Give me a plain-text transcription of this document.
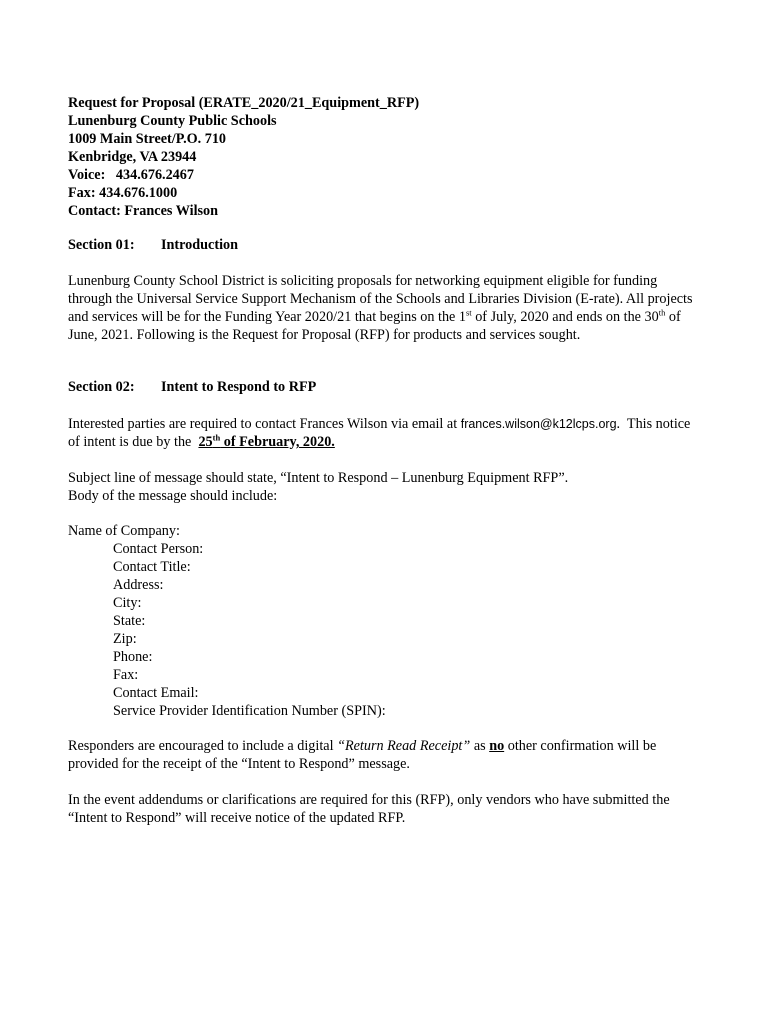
Request for Proposal (ERATE_2020/21_Equipment_RFP)
Lunenburg County Public Schools
1009 Main Street/P.O. 710
Kenbridge, VA 23944
Voice:   434.676.2467
Fax: 434.676.1000
Contact: Frances Wilson
Section 01: Introduction
Lunenburg County School District is soliciting proposals for networking equipment eligible for funding through the Universal Service Support Mechanism of the Schools and Libraries Division (E-rate). All projects and services will be for the Funding Year 2020/21 that begins on the 1st of July, 2020 and ends on the 30th of June, 2021. Following is the Request for Proposal (RFP) for products and services sought.
Section 02: Intent to Respond to RFP
Interested parties are required to contact Frances Wilson via email at frances.wilson@k12lcps.org.  This notice of intent is due by the  25th of February, 2020.
Subject line of message should state, “Intent to Respond – Lunenburg Equipment RFP”.
Body of the message should include:
Name of Company:
Contact Person:
Contact Title:
Address:
City:
State:
Zip:
Phone:
Fax:
Contact Email:
Service Provider Identification Number (SPIN):
Responders are encouraged to include a digital “Return Read Receipt” as no other confirmation will be provided for the receipt of the “Intent to Respond” message.
In the event addendums or clarifications are required for this (RFP), only vendors who have submitted the “Intent to Respond” will receive notice of the updated RFP.
